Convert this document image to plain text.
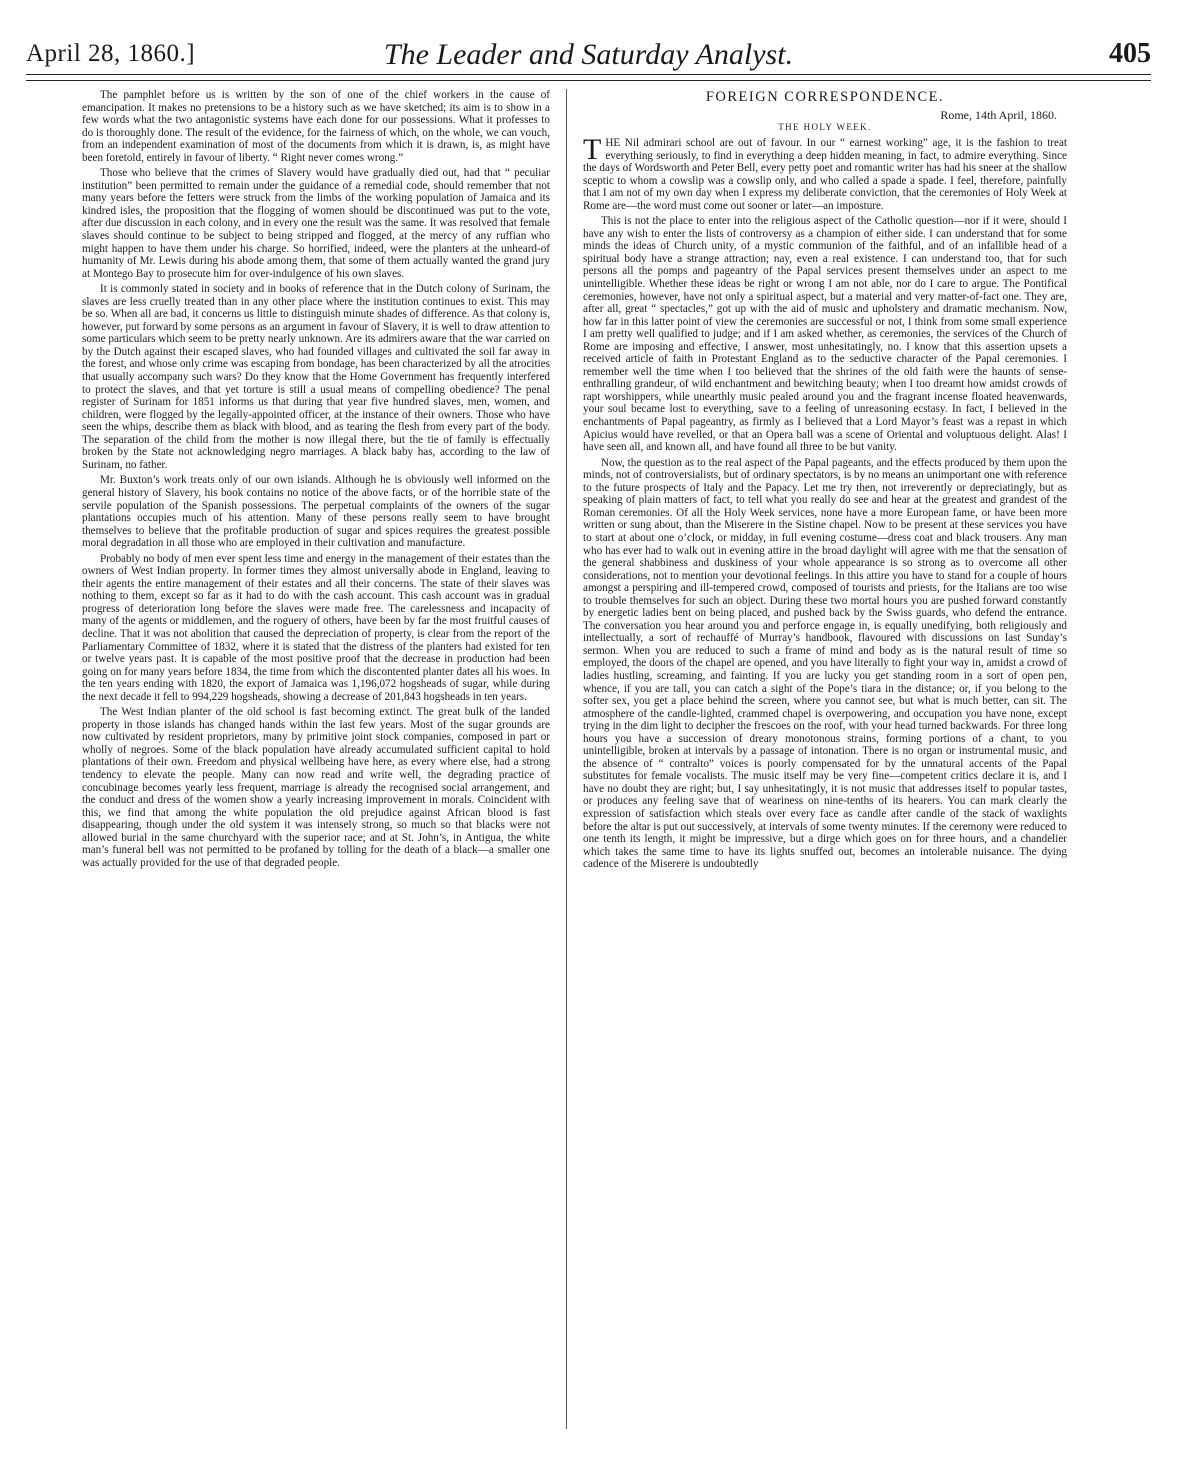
April 28, 1860.]	The Leader and Saturday Analyst.	405

The pamphlet before us is written by the son of one of the chief workers in the cause of emancipation. It makes no pretensions to be a history such as we have sketched; its aim is to show in a few words what the two antagonistic systems have each done for our possessions. What it professes to do is thoroughly done. The result of the evidence, for the fairness of which, on the whole, we can vouch, from an independent examination of most of the documents from which it is drawn, is, as might have been foretold, entirely in favour of liberty. “ Right never comes wrong.”

Those who believe that the crimes of Slavery would have gradually died out, had that “ peculiar institution” been permitted to remain under the guidance of a remedial code, should remember that not many years before the fetters were struck from the limbs of the working population of Jamaica and its kindred isles, the proposition that the flogging of women should be discontinued was put to the vote, after due discussion in each colony, and in every one the result was the same. It was resolved that female slaves should continue to be subject to being stripped and flogged, at the mercy of any ruffian who might happen to have them under his charge. So horrified, indeed, were the planters at the unheard-of humanity of Mr. Lewis during his abode among them, that some of them actually wanted the grand jury at Montego Bay to prosecute him for over-indulgence of his own slaves.

It is commonly stated in society and in books of reference that in the Dutch colony of Surinam, the slaves are less cruelly treated than in any other place where the institution continues to exist. This may be so. When all are bad, it concerns us little to distinguish minute shades of difference. As that colony is, however, put forward by some persons as an argument in favour of Slavery, it is well to draw attention to some particulars which seem to be pretty nearly unknown. Are its admirers aware that the war carried on by the Dutch against their escaped slaves, who had founded villages and cultivated the soil far away in the forest, and whose only crime was escaping from bondage, has been characterized by all the atrocities that usually accompany such wars? Do they know that the Home Government has frequently interfered to protect the slaves, and that yet torture is still a usual means of compelling obedience? The penal register of Surinam for 1851 informs us that during that year five hundred slaves, men, women, and children, were flogged by the legally-appointed officer, at the instance of their owners. Those who have seen the whips, describe them as black with blood, and as tearing the flesh from every part of the body. The separation of the child from the mother is now illegal there, but the tie of family is effectually broken by the State not acknowledging negro marriages. A black baby has, according to the law of Surinam, no father.

Mr. Buxton’s work treats only of our own islands. Although he is obviously well informed on the general history of Slavery, his book contains no notice of the above facts, or of the horrible state of the servile population of the Spanish possessions. The perpetual complaints of the owners of the sugar plantations occupies much of his attention. Many of these persons really seem to have brought themselves to believe that the profitable production of sugar and spices requires the greatest possible moral degradation in all those who are employed in their cultivation and manufacture.

Probably no body of men ever spent less time and energy in the management of their estates than the owners of West Indian property. In former times they almost universally abode in England, leaving to their agents the entire management of their estates and all their concerns. The state of their slaves was nothing to them, except so far as it had to do with the cash account. This cash account was in gradual progress of deterioration long before the slaves were made free. The carelessness and incapacity of many of the agents or middlemen, and the roguery of others, have been by far the most fruitful causes of decline. That it was not abolition that caused the depreciation of property, is clear from the report of the Parliamentary Committee of 1832, where it is stated that the distress of the planters had existed for ten or twelve years past. It is capable of the most positive proof that the decrease in production had been going on for many years before 1834, the time from which the discontented planter dates all his woes. In the ten years ending with 1820, the export of Jamaica was 1,196,072 hogsheads of sugar, while during the next decade it fell to 994,229 hogsheads, showing a decrease of 201,843 hogsheads in ten years.

The West Indian planter of the old school is fast becoming extinct. The great bulk of the landed property in those islands has changed hands within the last few years. Most of the sugar grounds are now cultivated by resident proprietors, many by primitive joint stock companies, composed in part or wholly of negroes. Some of the black population have already accumulated sufficient capital to hold plantations of their own. Freedom and physical wellbeing have here, as every where else, had a strong tendency to elevate the people. Many can now read and write well, the degrading practice of concubinage becomes yearly less frequent, marriage is already the recognised social arrangement, and the conduct and dress of the women show a yearly increasing improvement in morals. Coincident with this, we find that among the white population the old prejudice against African blood is fast disappearing, though under the old system it was intensely strong, so much so that blacks were not allowed burial in the same churchyard with the superior race; and at St. John’s, in Antigua, the white man’s funeral bell was not permitted to be profaned by tolling for the death of a black—a smaller one was actually provided for the use of that degraded people.

FOREIGN CORRESPONDENCE.
Rome, 14th April, 1860.
THE HOLY WEEK.

THE Nil admirari school are out of favour. In our “ earnest working” age, it is the fashion to treat everything seriously, to find in everything a deep hidden meaning, in fact, to admire everything. Since the days of Wordsworth and Peter Bell, every petty poet and romantic writer has had his sneer at the shallow sceptic to whom a cowslip was a cowslip only, and who called a spade a spade. I feel, therefore, painfully that I am not of my own day when I express my deliberate conviction, that the ceremonies of Holy Week at Rome are—the word must come out sooner or later—an imposture.

This is not the place to enter into the religious aspect of the Catholic question—nor if it were, should I have any wish to enter the lists of controversy as a champion of either side. I can understand that for some minds the ideas of Church unity, of a mystic communion of the faithful, and of an infallible head of a spiritual body have a strange attraction; nay, even a real existence. I can understand too, that for such persons all the pomps and pageantry of the Papal services present themselves under an aspect to me unintelligible. Whether these ideas be right or wrong I am not able, nor do I care to argue. The Pontifical ceremonies, however, have not only a spiritual aspect, but a material and very matter-of-fact one. They are, after all, great “ spectacles,” got up with the aid of music and upholstery and dramatic mechanism. Now, how far in this latter point of view the ceremonies are successful or not, I think from some small experience I am pretty well qualified to judge; and if I am asked whether, as ceremonies, the services of the Church of Rome are imposing and effective, I answer, most unhesitatingly, no. I know that this assertion upsets a received article of faith in Protestant England as to the seductive character of the Papal ceremonies. I remember well the time when I too believed that the shrines of the old faith were the haunts of sense-enthralling grandeur, of wild enchantment and bewitching beauty; when I too dreamt how amidst crowds of rapt worshippers, while unearthly music pealed around you and the fragrant incense floated heavenwards, your soul became lost to everything, save to a feeling of unreasoning ecstasy. In fact, I believed in the enchantments of Papal pageantry, as firmly as I believed that a Lord Mayor’s feast was a repast in which Apicius would have revelled, or that an Opera ball was a scene of Oriental and voluptuous delight. Alas! I have seen all, and known all, and have found all three to be but vanity.

Now, the question as to the real aspect of the Papal pageants, and the effects produced by them upon the minds, not of controversialists, but of ordinary spectators, is by no means an unimportant one with reference to the future prospects of Italy and the Papacy. Let me try then, not irreverently or depreciatingly, but as speaking of plain matters of fact, to tell what you really do see and hear at the greatest and grandest of the Roman ceremonies. Of all the Holy Week services, none have a more European fame, or have been more written or sung about, than the Miserere in the Sistine chapel. Now to be present at these services you have to start at about one o’clock, or midday, in full evening costume—dress coat and black trousers. Any man who has ever had to walk out in evening attire in the broad daylight will agree with me that the sensation of the general shabbiness and duskiness of your whole appearance is so strong as to overcome all other considerations, not to mention your devotional feelings. In this attire you have to stand for a couple of hours amongst a perspiring and ill-tempered crowd, composed of tourists and priests, for the Italians are too wise to trouble themselves for such an object. During these two mortal hours you are pushed forward constantly by energetic ladies bent on being placed, and pushed back by the Swiss guards, who defend the entrance. The conversation you hear around you and perforce engage in, is equally unedifying, both religiously and intellectually, a sort of rechauffé of Murray’s handbook, flavoured with discussions on last Sunday’s sermon. When you are reduced to such a frame of mind and body as is the natural result of time so employed, the doors of the chapel are opened, and you have literally to fight your way in, amidst a crowd of ladies hustling, screaming, and fainting. If you are lucky you get standing room in a sort of open pen, whence, if you are tall, you can catch a sight of the Pope’s tiara in the distance; or, if you belong to the softer sex, you get a place behind the screen, where you cannot see, but what is much better, can sit. The atmosphere of the candle-lighted, crammed chapel is overpowering, and occupation you have none, except trying in the dim light to decipher the frescoes on the roof, with your head turned backwards. For three long hours you have a succession of dreary monotonous strains, forming portions of a chant, to you unintelligible, broken at intervals by a passage of intonation. There is no organ or instrumental music, and the absence of “ contralto” voices is poorly compensated for by the unnatural accents of the Papal substitutes for female vocalists. The music itself may be very fine—competent critics declare it is, and I have no doubt they are right; but, I say unhesitatingly, it is not music that addresses itself to popular tastes, or produces any feeling save that of weariness on nine-tenths of its hearers. You can mark clearly the expression of satisfaction which steals over every face as candle after candle of the stack of waxlights before the altar is put out successively, at intervals of some twenty minutes. If the ceremony were reduced to one tenth its length, it might be impressive, but a dirge which goes on for three hours, and a chandelier which takes the same time to have its lights snuffed out, becomes an intolerable nuisance. The dying cadence of the Miserere is undoubtedly
